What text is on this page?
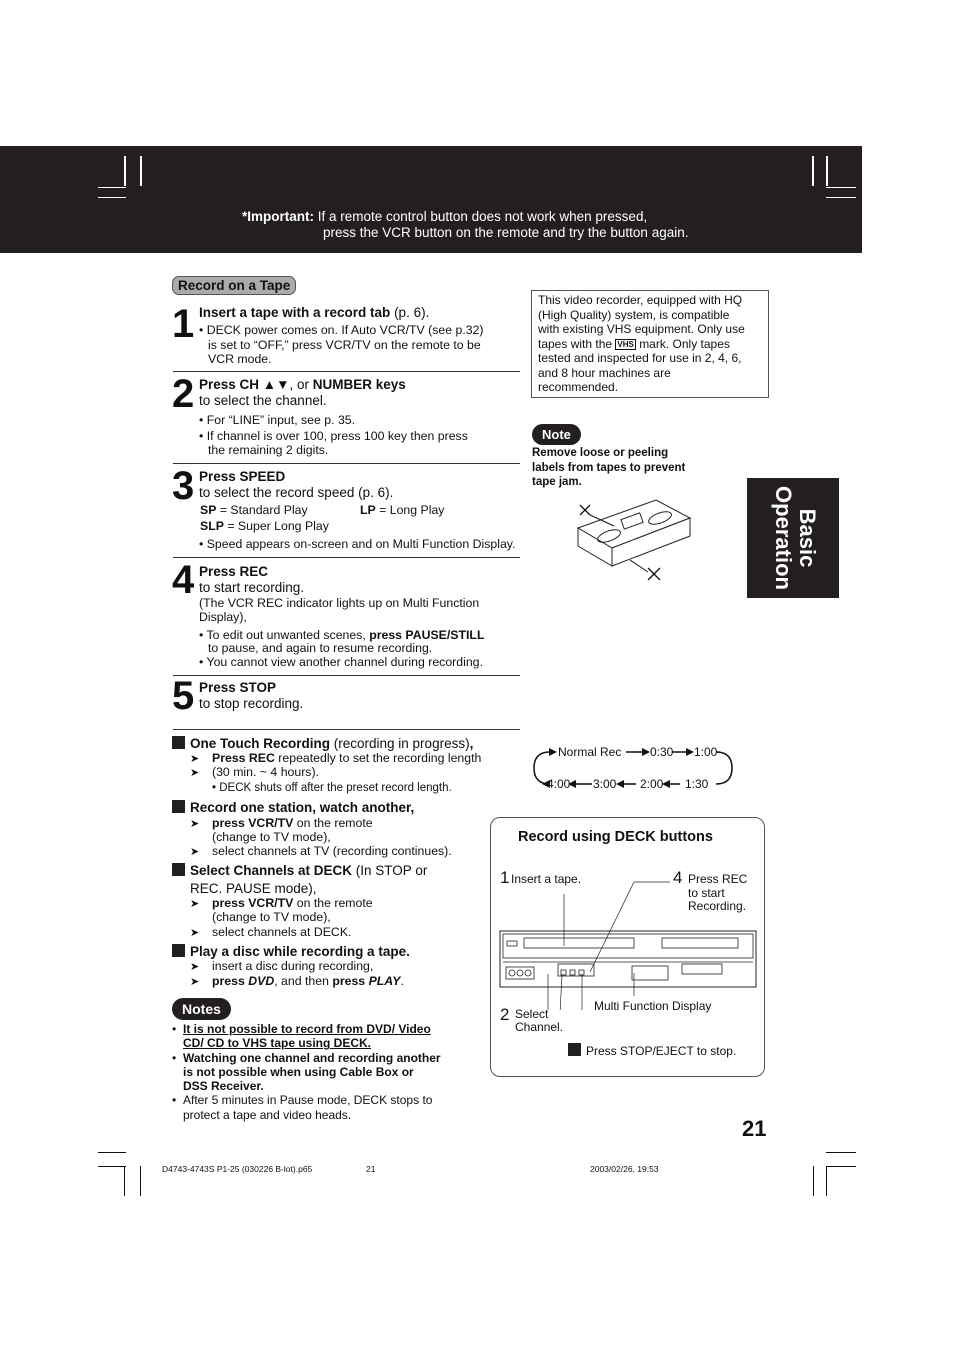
*Important: If a remote control button does not work when pressed,
press the VCR button on the remote and try the button again.
Record on a Tape
1 Insert a tape with a record tab (p. 6).
• DECK power comes on. If Auto VCR/TV (see p.32)
is set to “OFF,” press VCR/TV on the remote to be
VCR mode.
2 Press CH ▲▼, or NUMBER keys
to select the channel.
• For “LINE” input, see p. 35.
• If channel is over 100, press 100 key then press
the remaining 2 digits.
3 Press SPEED
to select the record speed (p. 6).
SP = Standard Play	LP = Long Play
SLP = Super Long Play
• Speed appears on-screen and on Multi Function Display.
4 Press REC
to start recording.
(The VCR REC indicator lights up on Multi Function
Display),
• To edit out unwanted scenes, press PAUSE/STILL
to pause, and again to resume recording.
• You cannot view another channel during recording.
5 Press STOP
to stop recording.
One Touch Recording (recording in progress),
➤ Press REC repeatedly to set the recording length
➤ (30 min. ~ 4 hours).
• DECK shuts off after the preset record length.
Record one station, watch another,
➤ press VCR/TV on the remote
(change to TV mode),
➤ select channels at TV (recording continues).
Select Channels at DECK (In STOP or
REC. PAUSE mode),
➤ press VCR/TV on the remote
(change to TV mode),
➤ select channels at DECK.
Play a disc while recording a tape.
➤ insert a disc during recording,
➤ press DVD, and then press PLAY.
Notes
• It is not possible to record from DVD/ Video
CD/ CD to VHS tape using DECK.
• Watching one channel and recording another
is not possible when using Cable Box or
DSS Receiver.
• After 5 minutes in Pause mode, DECK stops to
protect a tape and video heads.
This video recorder, equipped with HQ
(High Quality) system, is compatible
with existing VHS equipment. Only use
tapes with the VHS mark. Only tapes
tested and inspected for use in 2, 4, 6,
and 8 hour machines are
recommended.
Note
Remove loose or peeling
labels from tapes to prevent
tape jam.
Basic
Operation
Normal Rec 0:30 1:00
4:00 3:00 2:00 1:30
Record using DECK buttons
1 Insert a tape.	4 Press REC
to start
Recording.
2 Select
Channel.
Multi Function Display
Press STOP/EJECT to stop.
21
D4743-4743S P1-25 (030226 B-lot).p65	21	2003/02/26, 19:53
